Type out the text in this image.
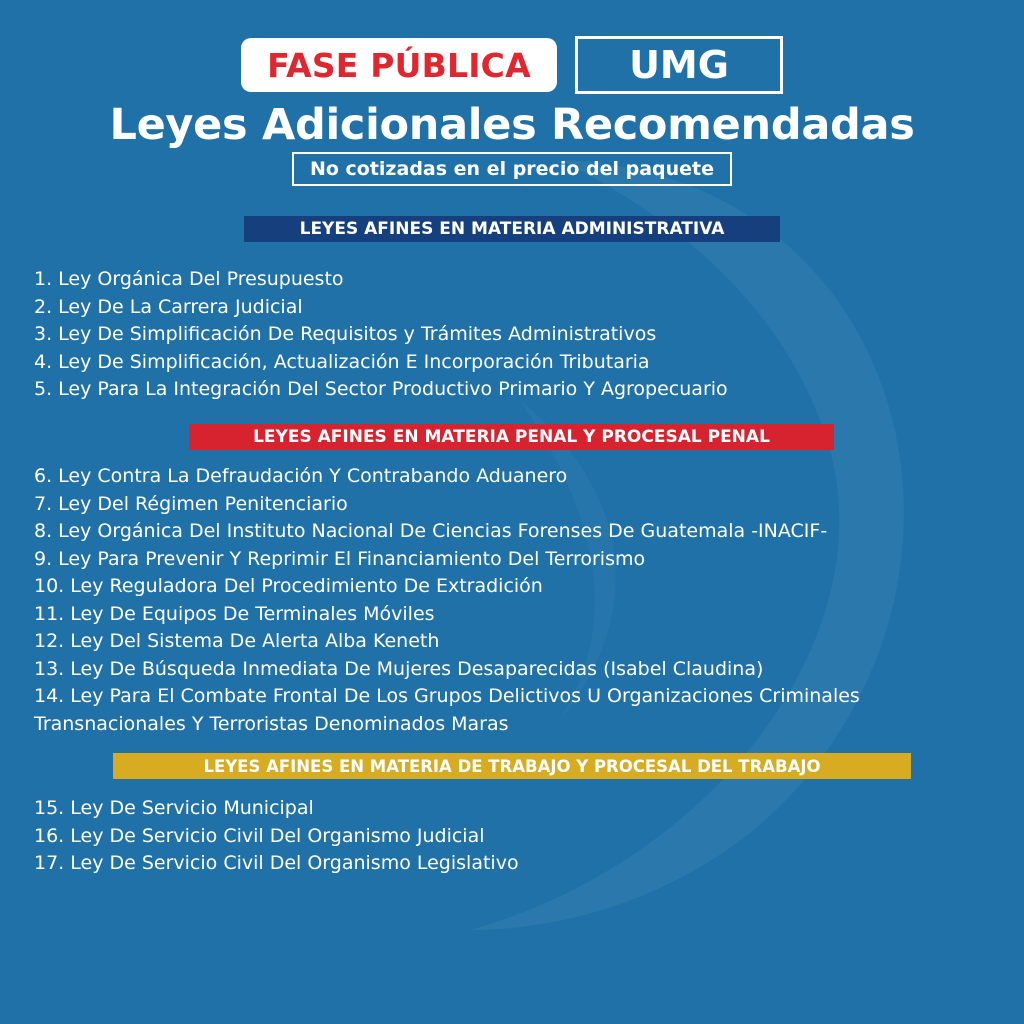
FASE PÚBLICA	UMG
Leyes Adicionales Recomendadas
No cotizadas en el precio del paquete
LEYES AFINES EN MATERIA ADMINISTRATIVA
1. Ley Orgánica Del Presupuesto
2. Ley De La Carrera Judicial
3. Ley De Simplificación De Requisitos y Trámites Administrativos
4. Ley De Simplificación, Actualización E Incorporación Tributaria
5. Ley Para La Integración Del Sector Productivo Primario Y Agropecuario
LEYES AFINES EN MATERIA PENAL Y PROCESAL PENAL
6. Ley Contra La Defraudación Y Contrabando Aduanero
7. Ley Del Régimen Penitenciario
8. Ley Orgánica Del Instituto Nacional De Ciencias Forenses De Guatemala -INACIF-
9. Ley Para Prevenir Y Reprimir El Financiamiento Del Terrorismo
10. Ley Reguladora Del Procedimiento De Extradición
11. Ley De Equipos De Terminales Móviles
12. Ley Del Sistema De Alerta Alba Keneth
13. Ley De Búsqueda Inmediata De Mujeres Desaparecidas (Isabel Claudina)
14. Ley Para El Combate Frontal De Los Grupos Delictivos U Organizaciones Criminales Transnacionales Y Terroristas Denominados Maras
LEYES AFINES EN MATERIA DE TRABAJO Y PROCESAL DEL TRABAJO
15. Ley De Servicio Municipal
16. Ley De Servicio Civil Del Organismo Judicial
17. Ley De Servicio Civil Del Organismo Legislativo
